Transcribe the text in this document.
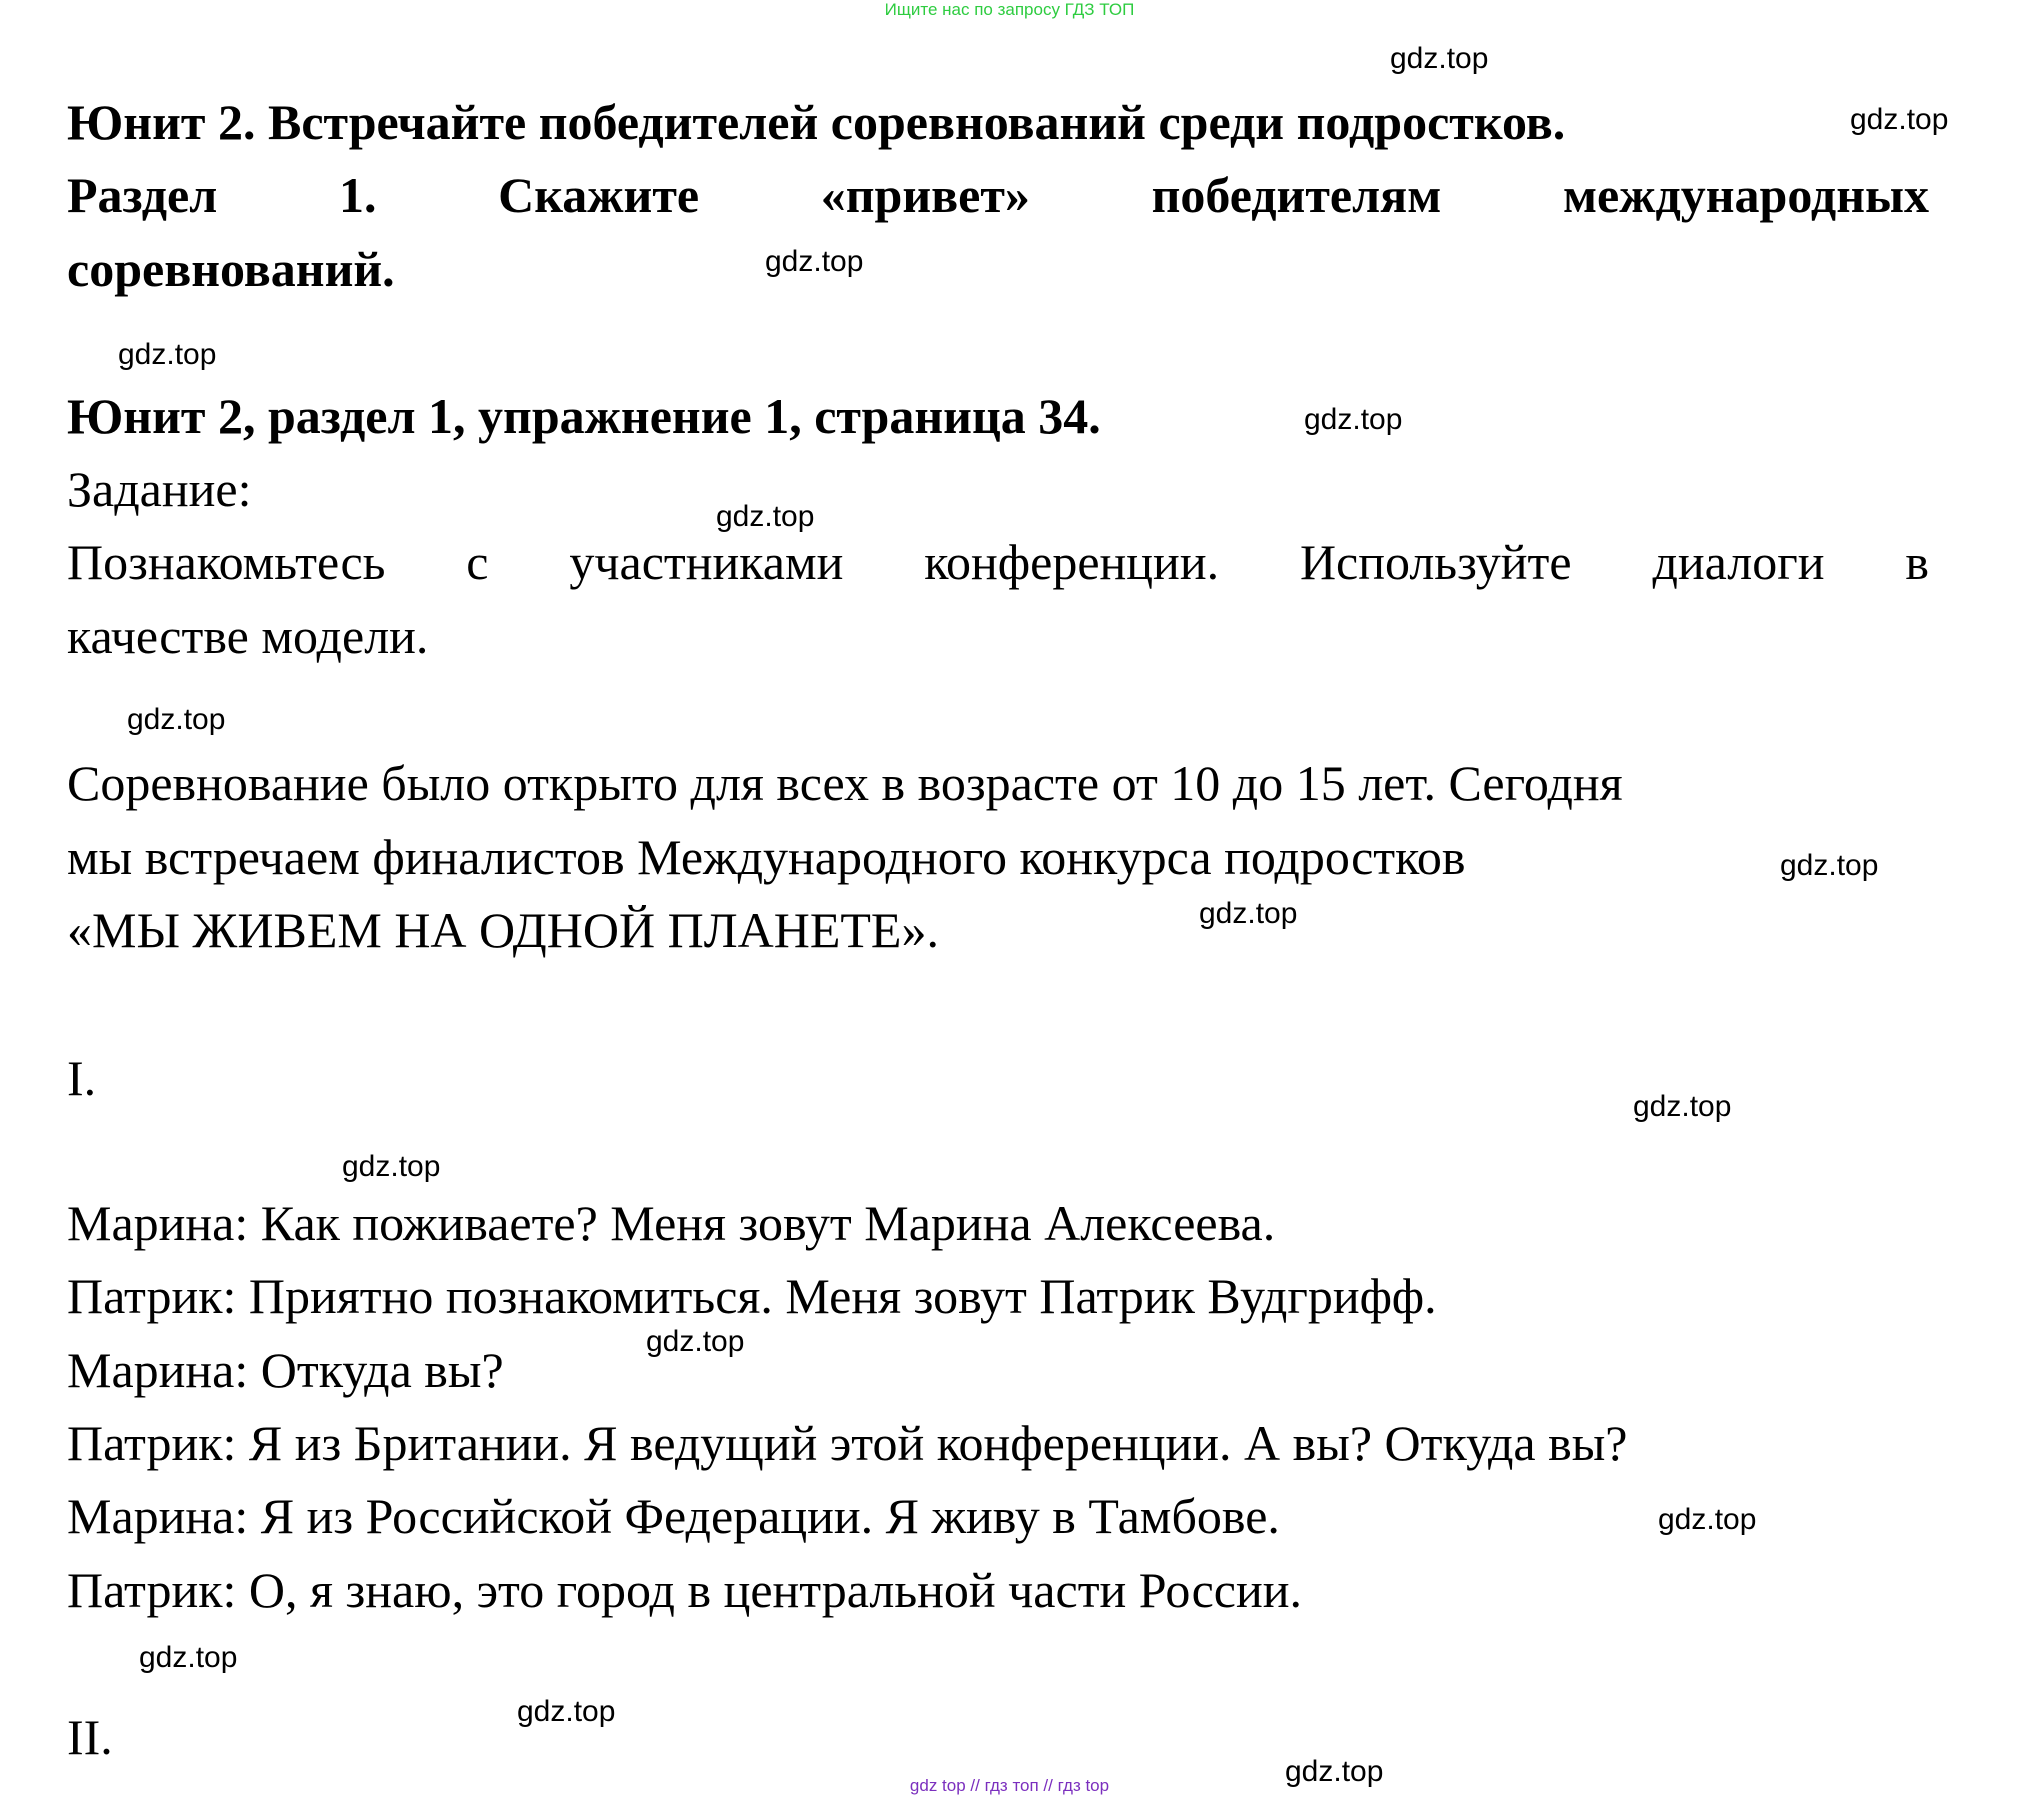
Ищите нас по запросу ГДЗ ТОП
Юнит 2. Встречайте победителей соревнований среди подростков.
Раздел 1. Скажите «привет» победителям международных
соревнований.
Юнит 2, раздел 1, упражнение 1, страница 34.
Задание:
Познакомьтесь с участниками конференции. Используйте диалоги в
качестве модели.
Соревнование было открыто для всех в возрасте от 10 до 15 лет. Сегодня
мы встречаем финалистов Международного конкурса подростков
«МЫ ЖИВЕМ НА ОДНОЙ ПЛАНЕТЕ».
I.
Марина: Как поживаете? Меня зовут Марина Алексеева.
Патрик: Приятно познакомиться. Меня зовут Патрик Вудгрифф.
Марина: Откуда вы?
Патрик: Я из Британии. Я ведущий этой конференции. А вы? Откуда вы?
Марина: Я из Российской Федерации. Я живу в Тамбове.
Патрик: О, я знаю, это город в центральной части России.
II.
gdz.top
gdz.top
gdz.top
gdz.top
gdz.top
gdz.top
gdz.top
gdz.top
gdz.top
gdz.top
gdz.top
gdz.top
gdz.top
gdz.top
gdz.top
gdz.top
gdz top // гдз топ // гдз top
